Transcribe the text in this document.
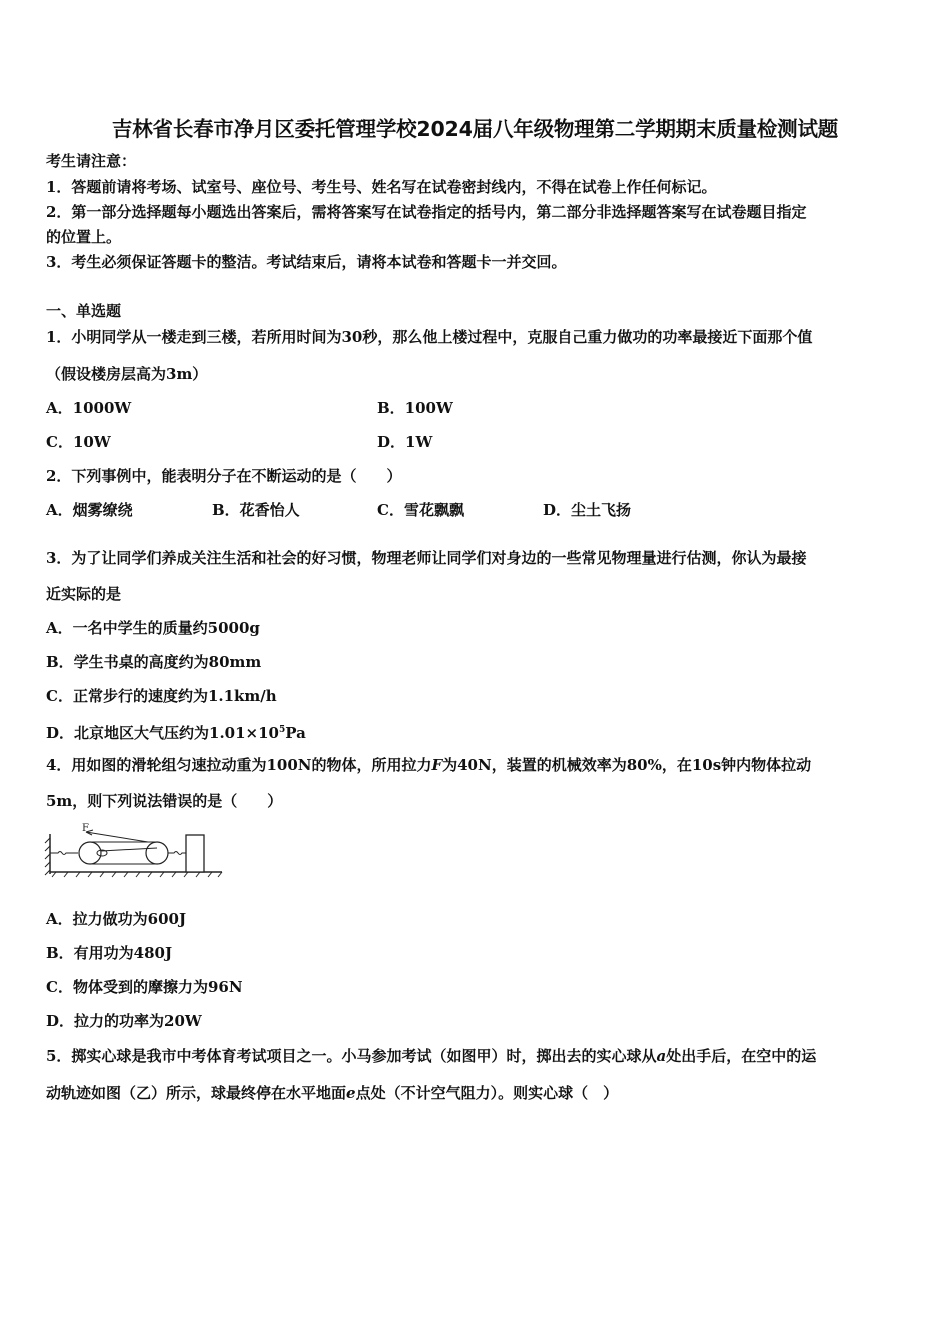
吉林省长春市净月区委托管理学校2024届八年级物理第二学期期末质量检测试题
考生请注意：
1．答题前请将考场、试室号、座位号、考生号、姓名写在试卷密封线内，不得在试卷上作任何标记。
2．第一部分选择题每小题选出答案后，需将答案写在试卷指定的括号内，第二部分非选择题答案写在试卷题目指定
的位置上。
3．考生必须保证答题卡的整洁。考试结束后，请将本试卷和答题卡一并交回。
一、单选题
1．小明同学从一楼走到三楼，若所用时间为30秒，那么他上楼过程中，克服自己重力做功的功率最接近下面那个值
（假设楼房层高为3m）
A．1000W	B．100W
C．10W	D．1W
2．下列事例中，能表明分子在不断运动的是（　　）
A．烟雾缭绕	B．花香怡人	C．雪花飘飘	D．尘土飞扬
3．为了让同学们养成关注生活和社会的好习惯，物理老师让同学们对身边的一些常见物理量进行估测，你认为最接
近实际的是
A．一名中学生的质量约5000g
B．学生书桌的高度约为80mm
C．正常步行的速度约为1.1km/h
D．北京地区大气压约为$1.01\times 10^5Pa$
4．用如图的滑轮组匀速拉动重为100N的物体，所用拉力F为40N，装置的机械效率为80%，在10s钟内物体拉动
5m，则下列说法错误的是（　　）
F
A．拉力做功为600J
B．有用功为480J
C．物体受到的摩擦力为96N
D．拉力的功率为20W
5．掷实心球是我市中考体育考试项目之一。小马参加考试（如图甲）时，掷出去的实心球从a处出手后，在空中的运
动轨迹如图（乙）所示，球最终停在水平地面e点处（不计空气阻力）。则实心球（　）
